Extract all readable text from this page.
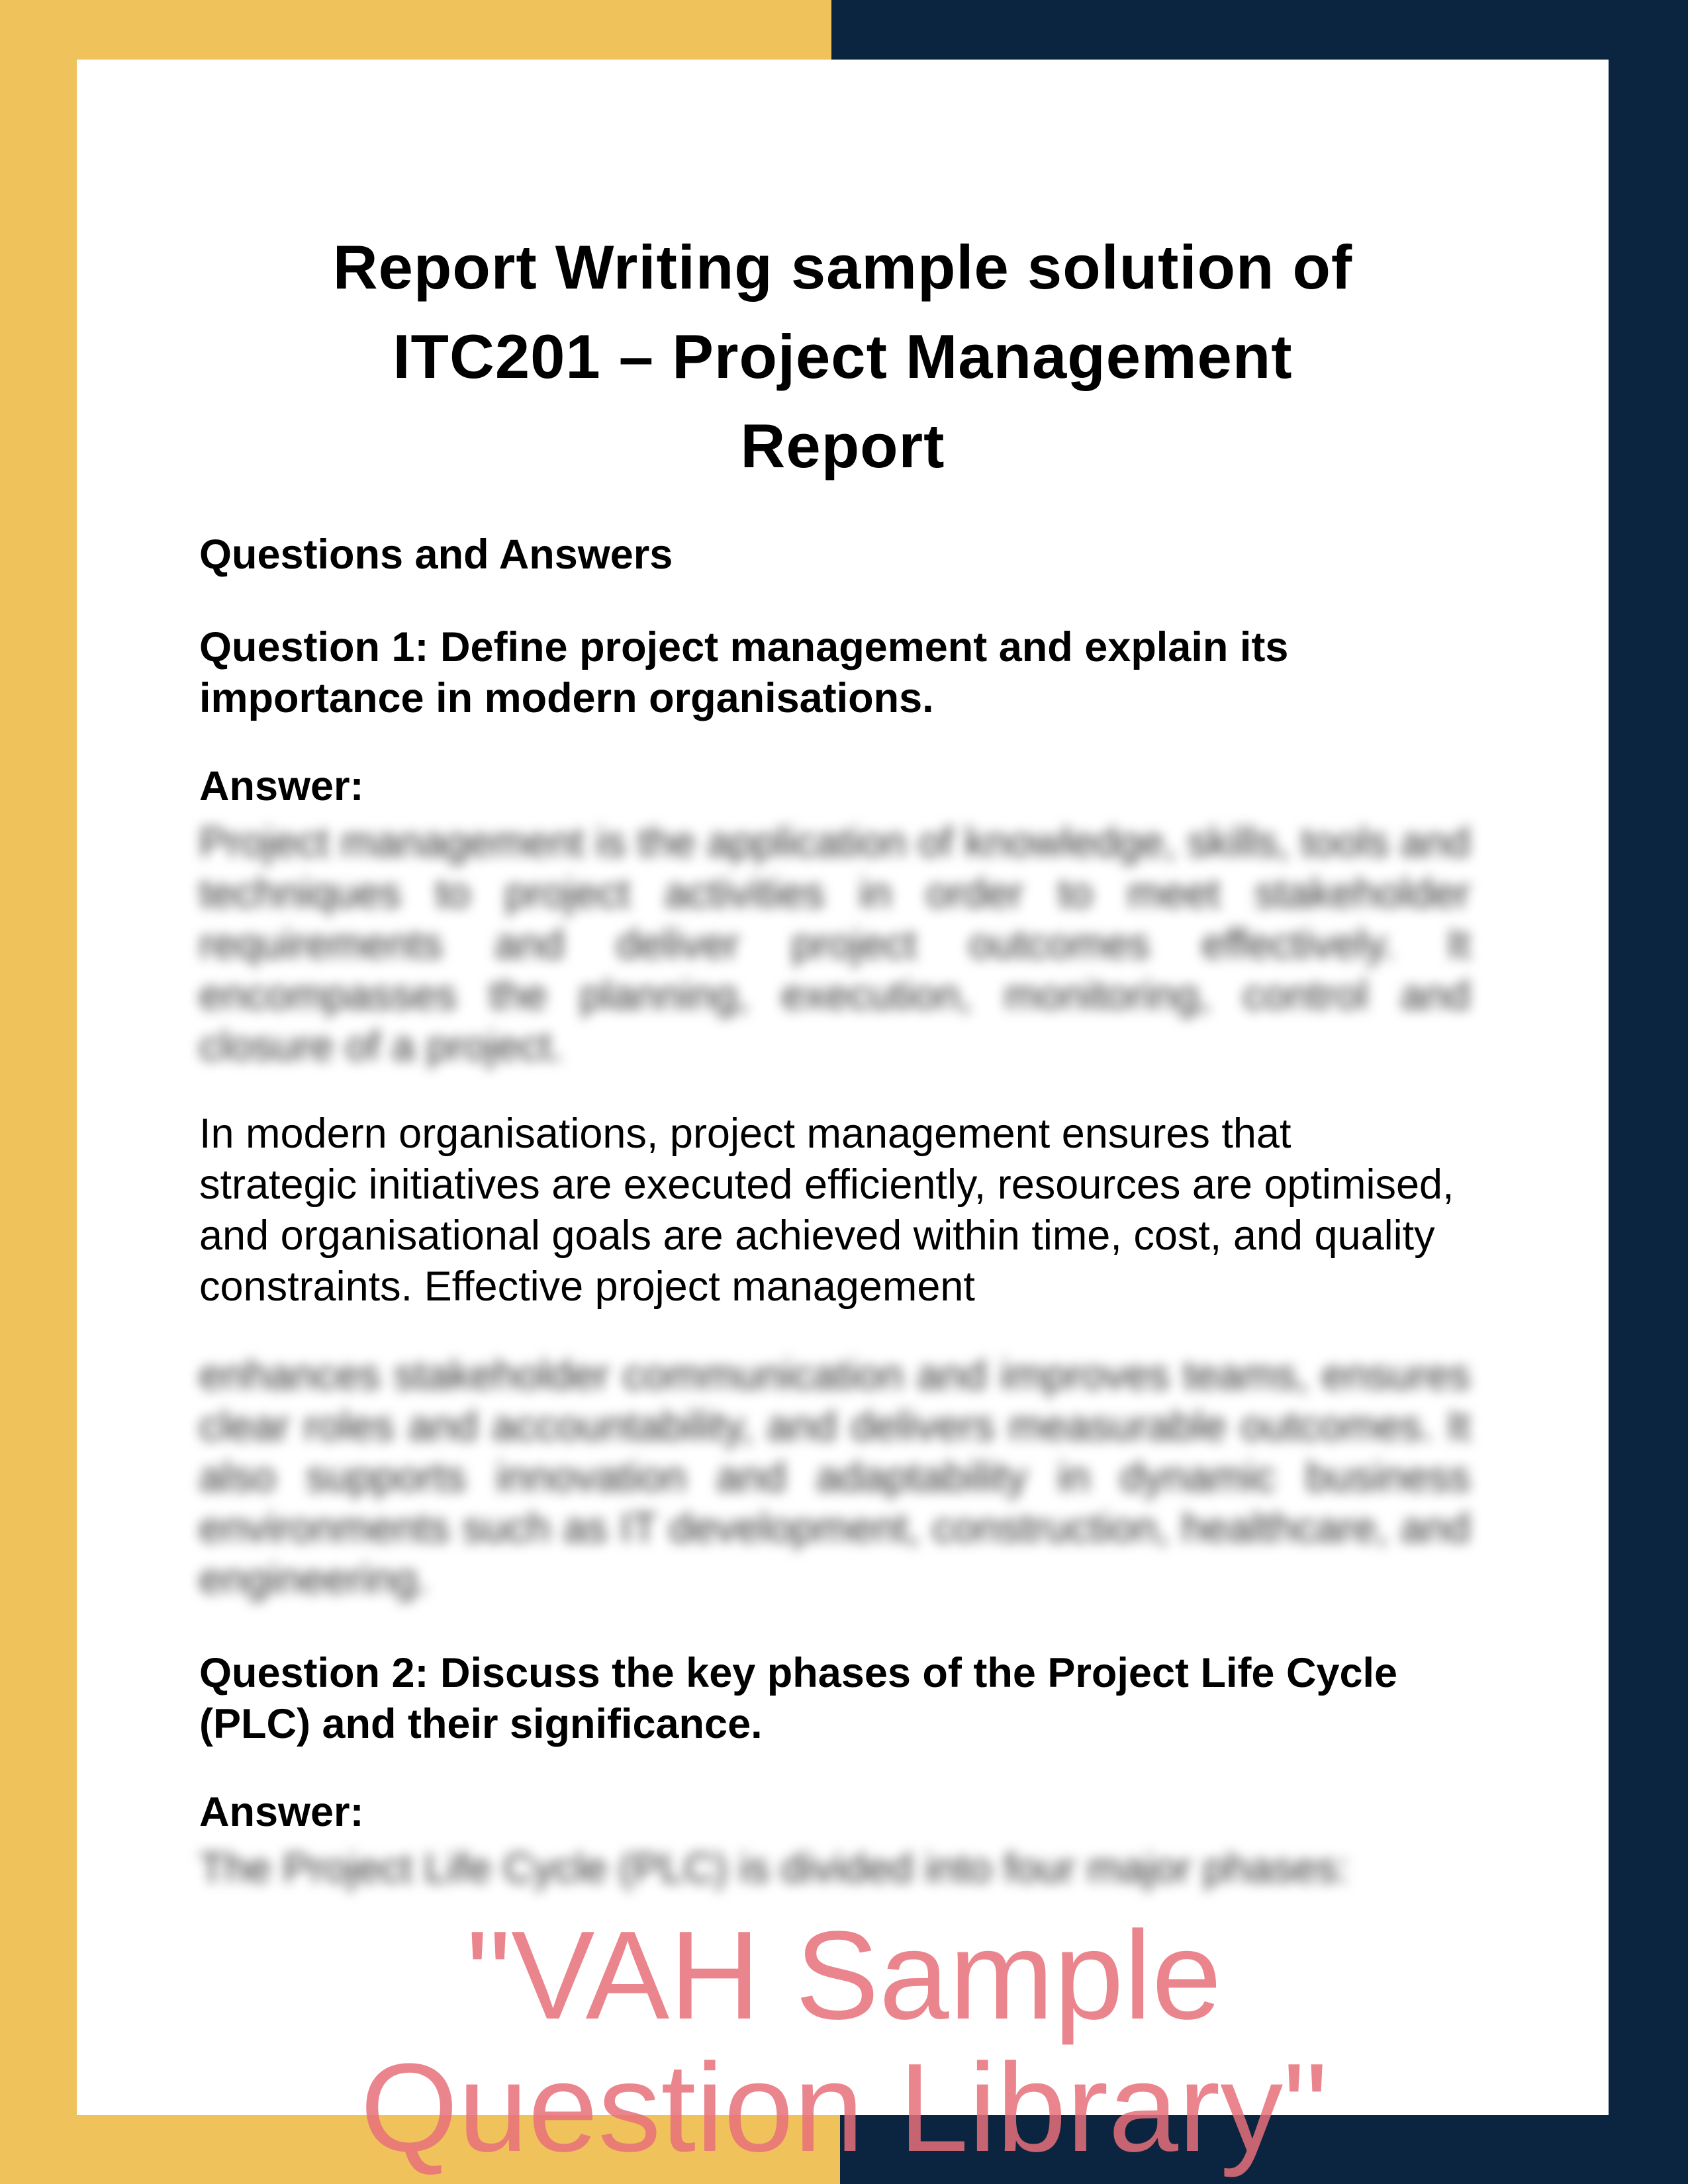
Report Writing sample solution of
ITC201 – Project Management
Report
Questions and Answers
Question 1: Define project management and explain its importance in modern organisations.
Answer:
Project management is the application of knowledge, skills, tools and techniques to project activities in order to meet stakeholder requirements and deliver project outcomes effectively. It encompasses the planning, execution, monitoring, control and closure of a project.
In modern organisations, project management ensures that strategic initiatives are executed efficiently, resources are optimised, and organisational goals are achieved within time, cost, and quality constraints. Effective project management
enhances stakeholder communication and improves teams, ensures clear roles and accountability, and delivers measurable outcomes. It also supports innovation and adaptability in dynamic business environments such as IT development, construction, healthcare, and engineering.
Question 2: Discuss the key phases of the Project Life Cycle (PLC) and their significance.
Answer:
The Project Life Cycle (PLC) is divided into four major phases:
"VAH Sample Question Library"
